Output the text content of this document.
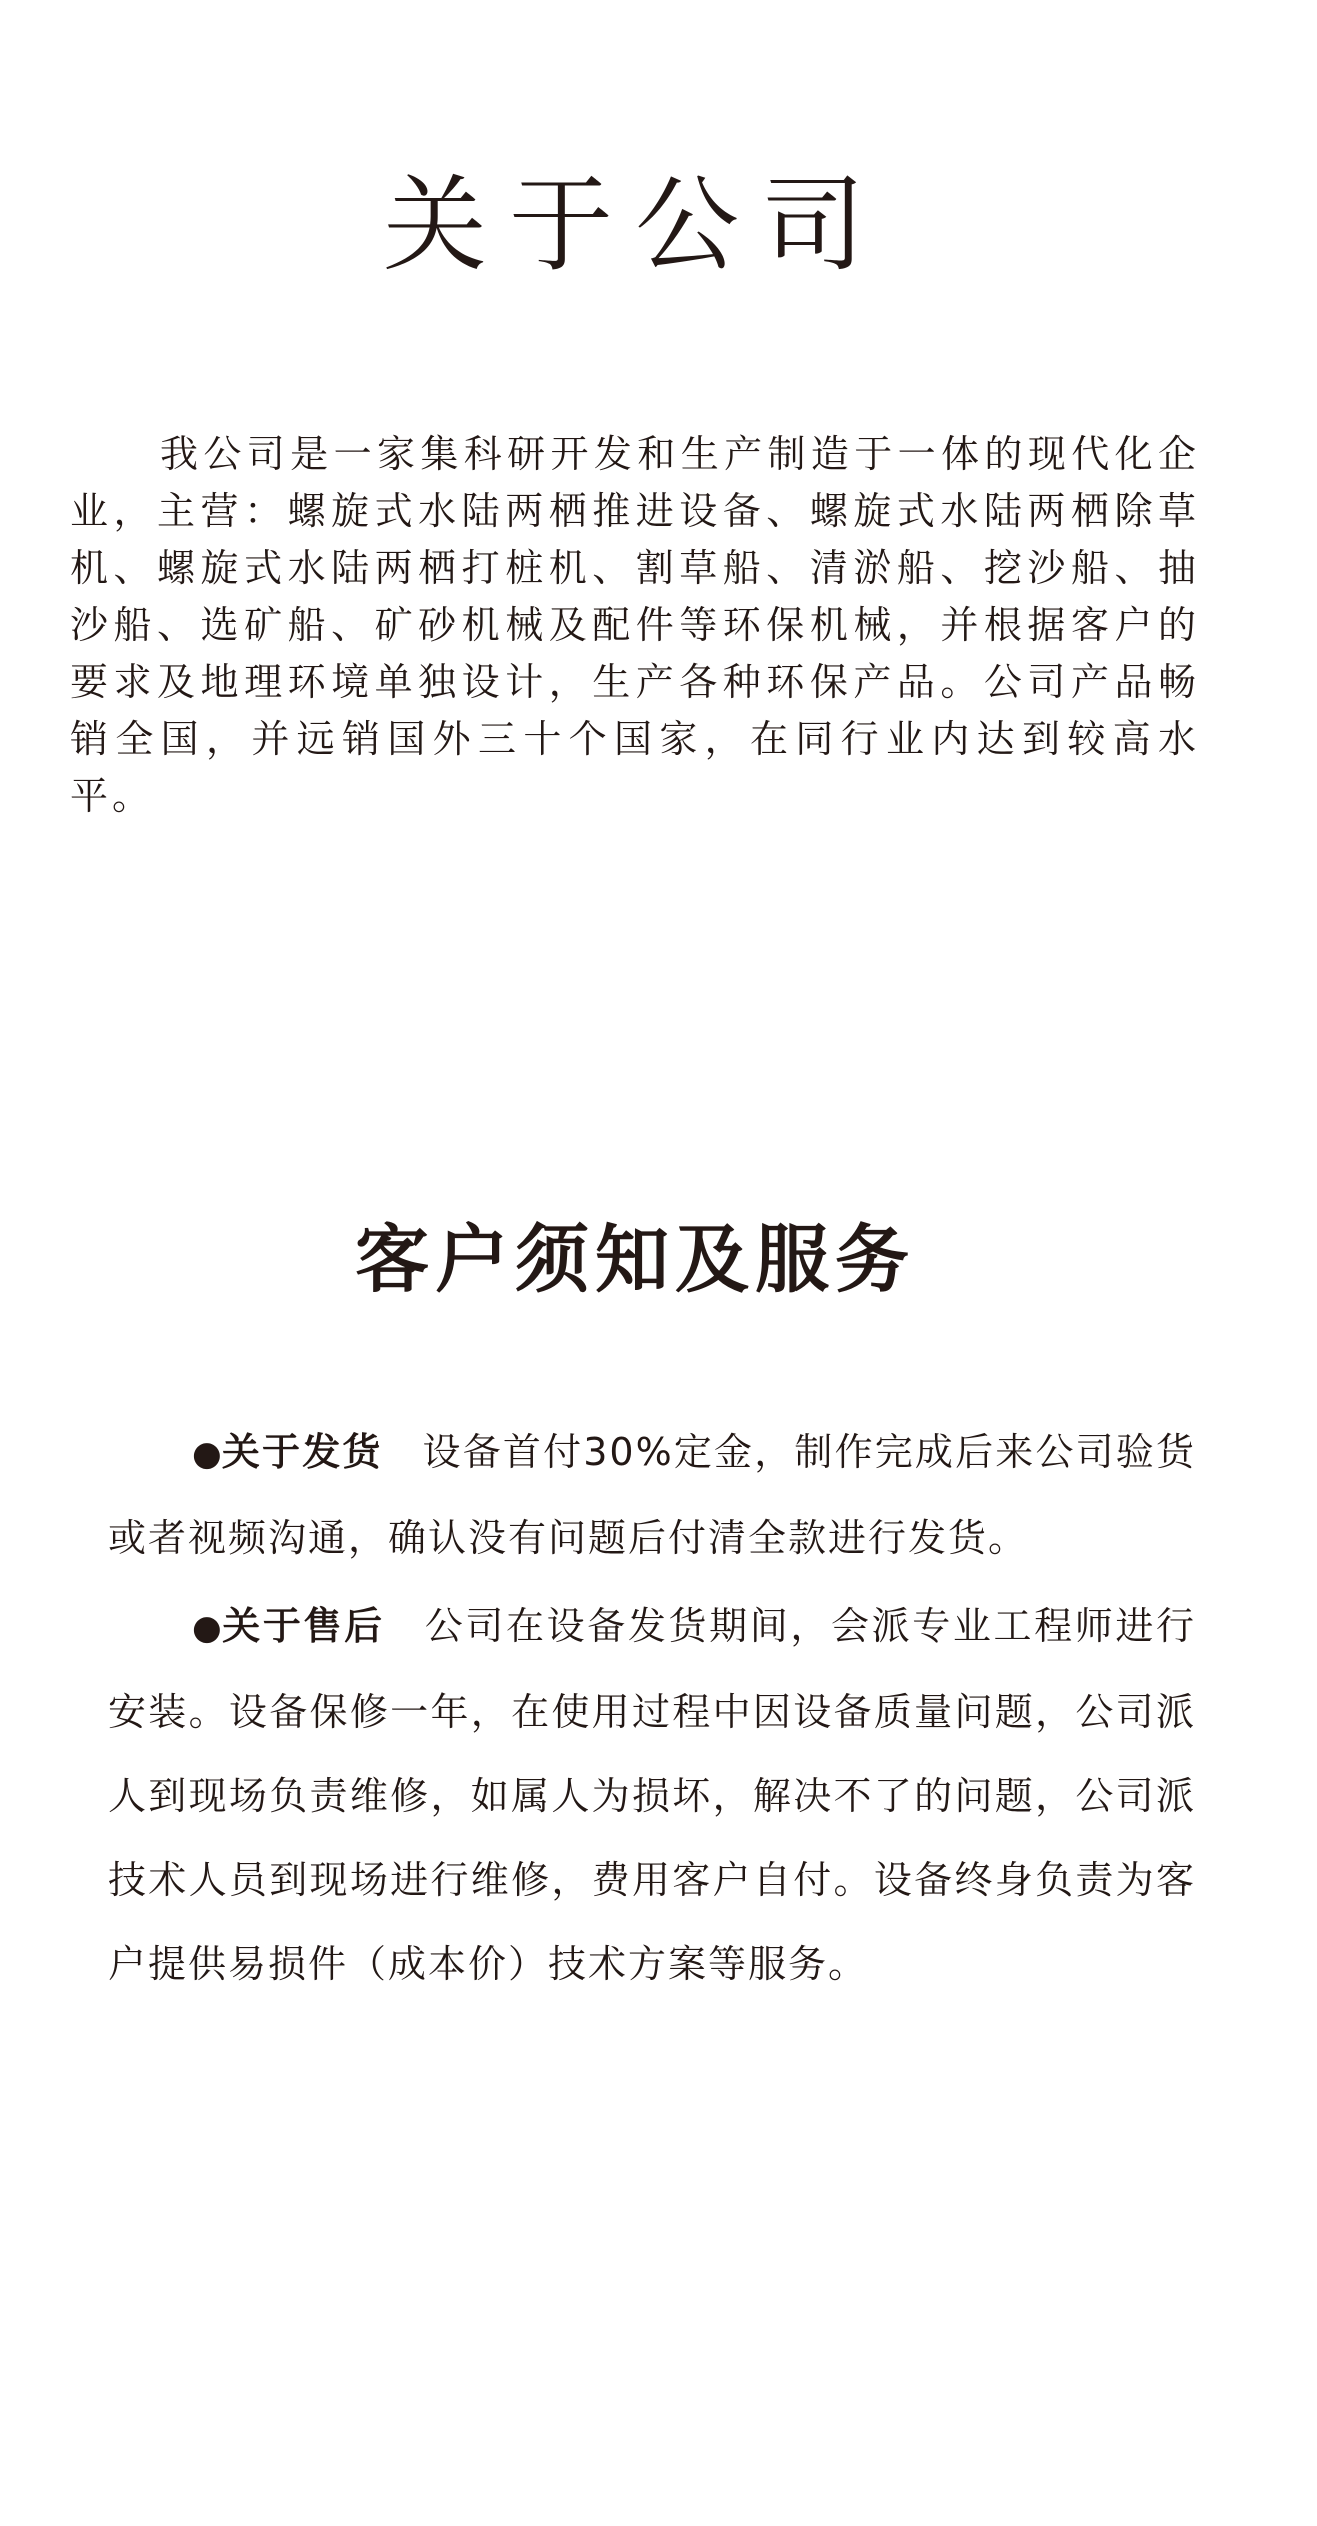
关于公司

我公司是一家集科研开发和生产制造于一体的现代化企业，主营：螺旋式水陆两栖推进设备、螺旋式水陆两栖除草机、螺旋式水陆两栖打桩机、割草船、清淤船、挖沙船、抽沙船、选矿船、矿砂机械及配件等环保机械，并根据客户的要求及地理环境单独设计，生产各种环保产品。公司产品畅销全国，并远销国外三十个国家，在同行业内达到较高水平。

客户须知及服务

●关于发货 设备首付30%定金，制作完成后来公司验货或者视频沟通，确认没有问题后付清全款进行发货。

●关于售后 公司在设备发货期间，会派专业工程师进行安装。设备保修一年，在使用过程中因设备质量问题，公司派人到现场负责维修，如属人为损坏，解决不了的问题，公司派技术人员到现场进行维修，费用客户自付。设备终身负责为客户提供易损件（成本价）技术方案等服务。
